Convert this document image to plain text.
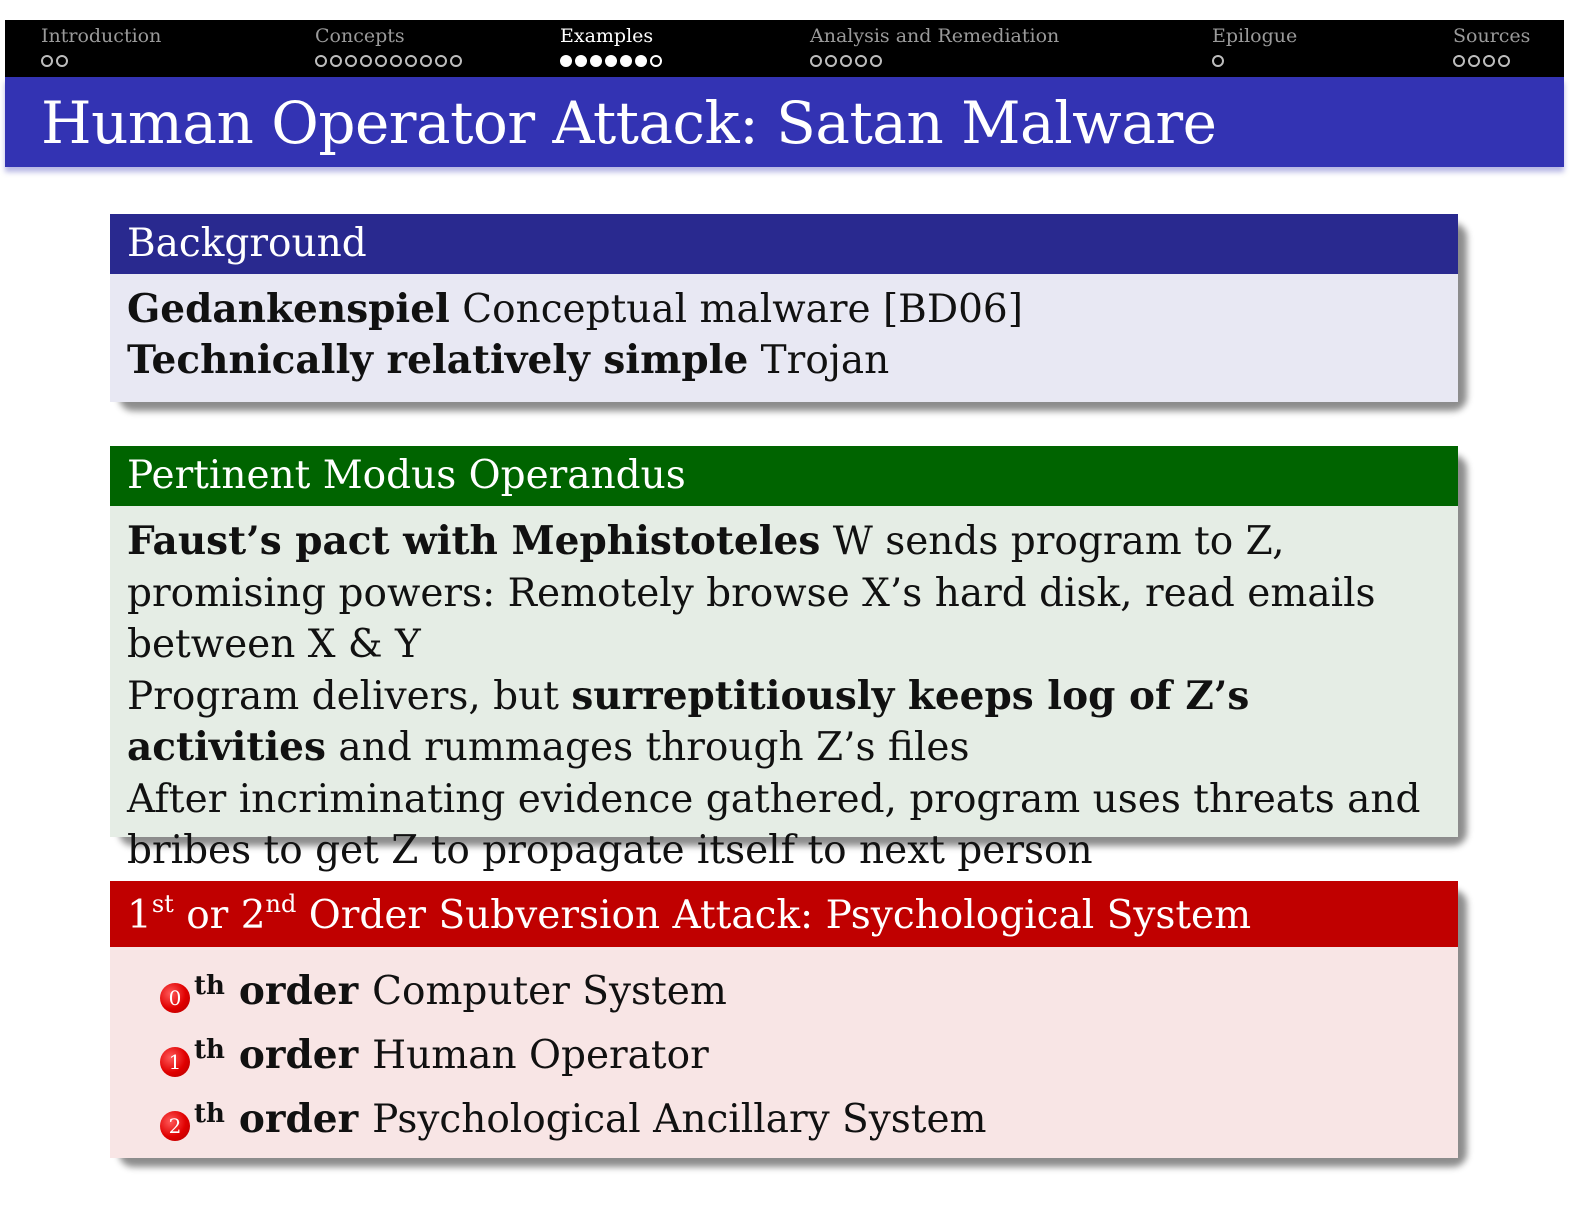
Introduction	Concepts	Examples	Analysis and Remediation	Epilogue	Sources
Human Operator Attack: Satan Malware
Background
Gedankenspiel Conceptual malware [BD06]
Technically relatively simple Trojan
Pertinent Modus Operandus
Faust’s pact with Mephistoteles W sends program to Z, promising powers: Remotely browse X’s hard disk, read emails between X & Y
Program delivers, but surreptitiously keeps log of Z’s activities and rummages through Z’s files
After incriminating evidence gathered, program uses threats and bribes to get Z to propagate itself to next person
1st or 2nd Order Subversion Attack: Psychological System
0 th order Computer System
1 th order Human Operator
2 th order Psychological Ancillary System
